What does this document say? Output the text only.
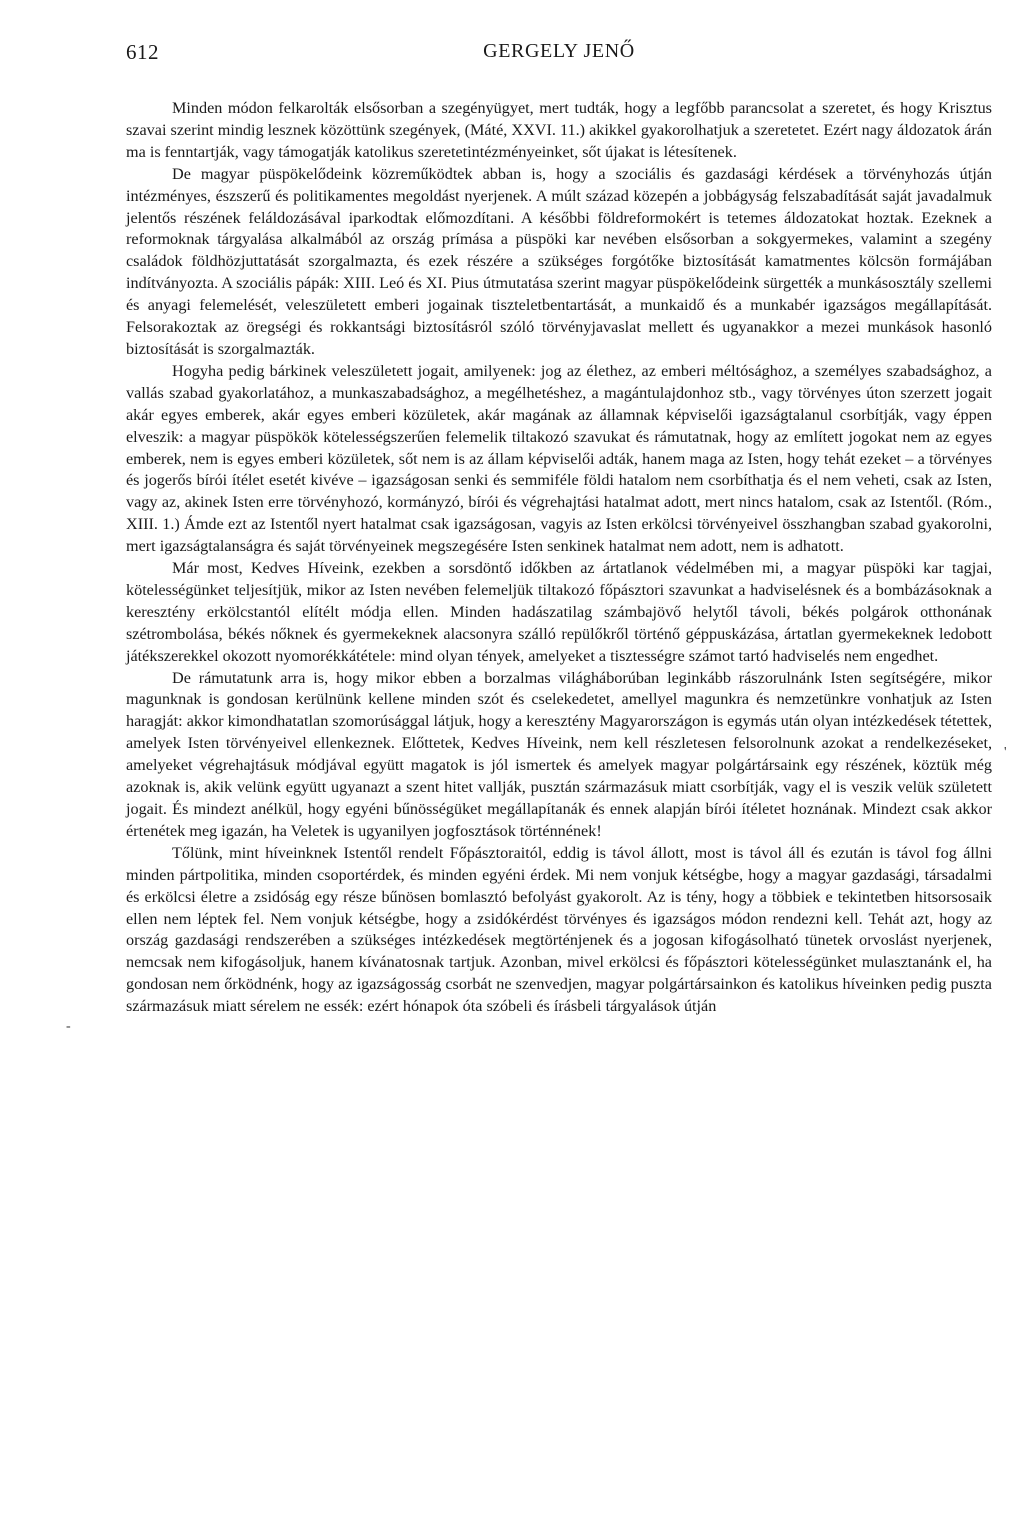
612	GERGELY JENŐ

Minden módon felkarolták elsősorban a szegényügyet, mert tudták, hogy a legfőbb parancsolat a szeretet, és hogy Krisztus szavai szerint mindig lesznek közöttünk szegények, (Máté, XXVI. 11.) akikkel gyakorolhatjuk a szeretetet. Ezért nagy áldozatok árán ma is fenntartják, vagy támogatják katolikus szeretetintézményeinket, sőt újakat is létesítenek.

De magyar püspökelődeink közreműködtek abban is, hogy a szociális és gazdasági kérdések a törvényhozás útján intézményes, észszerű és politikamentes megoldást nyerjenek. A múlt század közepén a jobbágyság felszabadítását saját javadalmuk jelentős részének feláldozásával iparkodtak előmozdítani. A későbbi földreformokért is tetemes áldozatokat hoztak. Ezeknek a reformoknak tárgyalása alkalmából az ország prímása a püspöki kar nevében elsősorban a sokgyermekes, valamint a szegény családok földhözjuttatását szorgalmazta, és ezek részére a szükséges forgótőke biztosítását kamatmentes kölcsön formájában indítványozta. A szociális pápák: XIII. Leó és XI. Pius útmutatása szerint magyar püspökelődeink sürgették a munkásosztály szellemi és anyagi felemelését, veleszületett emberi jogainak tiszteletbentartását, a munkaidő és a munkabér igazságos megállapítását. Felsorakoztak az öregségi és rokkantsági biztosításról szóló törvényjavaslat mellett és ugyanakkor a mezei munkások hasonló biztosítását is szorgalmazták.

Hogyha pedig bárkinek veleszületett jogait, amilyenek: jog az élethez, az emberi méltósághoz, a személyes szabadsághoz, a vallás szabad gyakorlatához, a munkaszabadsághoz, a megélhetéshez, a magántulajdonhoz stb., vagy törvényes úton szerzett jogait akár egyes emberek, akár egyes emberi közületek, akár magának az államnak képviselői igazságtalanul csorbítják, vagy éppen elveszik: a magyar püspökök kötelességszerűen felemelik tiltakozó szavukat és rámutatnak, hogy az említett jogokat nem az egyes emberek, nem is egyes emberi közületek, sőt nem is az állam képviselői adták, hanem maga az Isten, hogy tehát ezeket – a törvényes és jogerős bírói ítélet esetét kivéve – igazságosan senki és semmiféle földi hatalom nem csorbíthatja és el nem veheti, csak az Isten, vagy az, akinek Isten erre törvényhozó, kormányzó, bírói és végrehajtási hatalmat adott, mert nincs hatalom, csak az Istentől. (Róm., XIII. 1.) Ámde ezt az Istentől nyert hatalmat csak igazságosan, vagyis az Isten erkölcsi törvényeivel összhangban szabad gyakorolni, mert igazságtalanságra és saját törvényeinek megszegésére Isten senkinek hatalmat nem adott, nem is adhatott.

Már most, Kedves Híveink, ezekben a sorsdöntő időkben az ártatlanok védelmében mi, a magyar püspöki kar tagjai, kötelességünket teljesítjük, mikor az Isten nevében felemeljük tiltakozó főpásztori szavunkat a hadviselésnek és a bombázásoknak a keresztény erkölcstantól elítélt módja ellen. Minden hadászatilag számbajövő helytől távoli, békés polgárok otthonának szétrombolása, békés nőknek és gyermekeknek alacsonyra szálló repülőkről történő géppuskázása, ártatlan gyermekeknek ledobott játékszerekkel okozott nyomorékkátétele: mind olyan tények, amelyeket a tisztességre számot tartó hadviselés nem engedhet.

De rámutatunk arra is, hogy mikor ebben a borzalmas világháborúban leginkább rászorulnánk Isten segítségére, mikor magunknak is gondosan kerülnünk kellene minden szót és cselekedetet, amellyel magunkra és nemzetünkre vonhatjuk az Isten haragját: akkor kimondhatatlan szomorúsággal látjuk, hogy a keresztény Magyarországon is egymás után olyan intézkedések tétettek, amelyek Isten törvényeivel ellenkeznek. Előttetek, Kedves Híveink, nem kell részletesen felsorolnunk azokat a rendelkezéseket, amelyeket végrehajtásuk módjával együtt magatok is jól ismertek és amelyek magyar polgártársaink egy részének, köztük még azoknak is, akik velünk együtt ugyanazt a szent hitet vallják, pusztán származásuk miatt csorbítják, vagy el is veszik velük született jogait. És mindezt anélkül, hogy egyéni bűnösségüket megállapítanák és ennek alapján bírói ítéletet hoznának. Mindezt csak akkor értenétek meg igazán, ha Veletek is ugyanilyen jogfosztások történnének!

Tőlünk, mint híveinknek Istentől rendelt Főpásztoraitól, eddig is távol állott, most is távol áll és ezután is távol fog állni minden pártpolitika, minden csoportérdek, és minden egyéni érdek. Mi nem vonjuk kétségbe, hogy a magyar gazdasági, társadalmi és erkölcsi életre a zsidóság egy része bűnösen bomlasztó befolyást gyakorolt. Az is tény, hogy a többiek e tekintetben hitsorsosaik ellen nem léptek fel. Nem vonjuk kétségbe, hogy a zsidókérdést törvényes és igazságos módon rendezni kell. Tehát azt, hogy az ország gazdasági rendszerében a szükséges intézkedések megtörténjenek és a jogosan kifogásolható tünetek orvoslást nyerjenek, nemcsak nem kifogásoljuk, hanem kívánatosnak tartjuk. Azonban, mivel erkölcsi és főpásztori kötelességünket mulasztanánk el, ha gondosan nem őrködnénk, hogy az igazságosság csorbát ne szenvedjen, magyar polgártársainkon és katolikus híveinken pedig puszta származásuk miatt sérelem ne essék: ezért hónapok óta szóbeli és írásbeli tárgyalások útján

'
-
